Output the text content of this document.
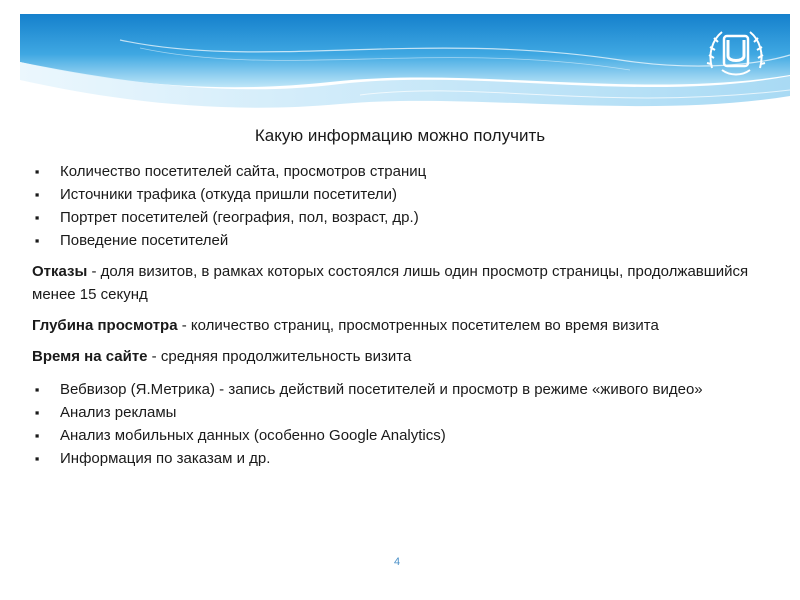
Какую информацию можно получить
▪ Количество посетителей сайта, просмотров страниц
▪ Источники трафика (откуда пришли посетители)
▪ Портрет посетителей (география, пол, возраст, др.)
▪ Поведение посетителей
Отказы - доля визитов, в рамках которых состоялся лишь один просмотр страницы, продолжавшийся менее 15 секунд
Глубина просмотра - количество страниц, просмотренных посетителем во время визита
Время на сайте - средняя продолжительность визита
▪ Вебвизор (Я.Метрика) - запись действий посетителей и просмотр в режиме «живого видео»
▪ Анализ рекламы
▪ Анализ мобильных данных (особенно Google Analytics)
▪ Информация по заказам и др.
4
